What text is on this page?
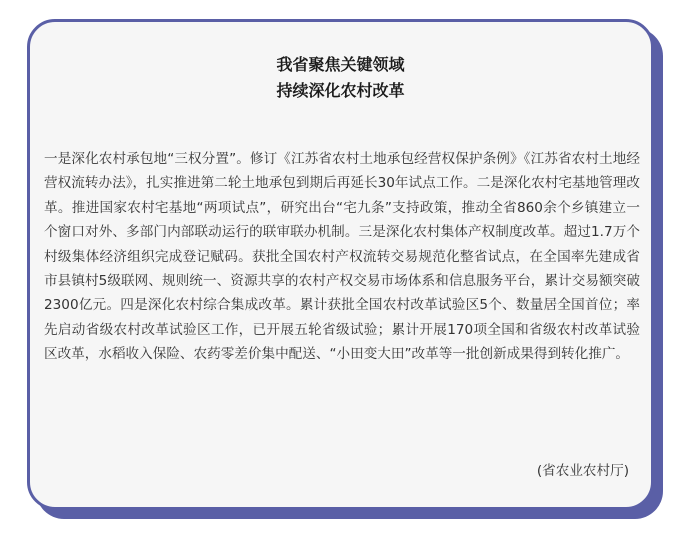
我省聚焦关键领域
持续深化农村改革
一是深化农村承包地“三权分置”。修订《江苏省农村土地承包经营权保护条例》《江苏省农村土地经营权流转办法》，扎实推进第二轮土地承包到期后再延长30年试点工作。二是深化农村宅基地管理改革。推进国家农村宅基地“两项试点”，研究出台“宅九条”支持政策，推动全省860余个乡镇建立一个窗口对外、多部门内部联动运行的联审联办机制。三是深化农村集体产权制度改革。超过1.7万个村级集体经济组织完成登记赋码。获批全国农村产权流转交易规范化整省试点，在全国率先建成省市县镇村5级联网、规则统一、资源共享的农村产权交易市场体系和信息服务平台，累计交易额突破2300亿元。四是深化农村综合集成改革。累计获批全国农村改革试验区5个、数量居全国首位；率先启动省级农村改革试验区工作，已开展五轮省级试验；累计开展170项全国和省级农村改革试验区改革，水稻收入保险、农药零差价集中配送、“小田变大田”改革等一批创新成果得到转化推广。
(省农业农村厅)
